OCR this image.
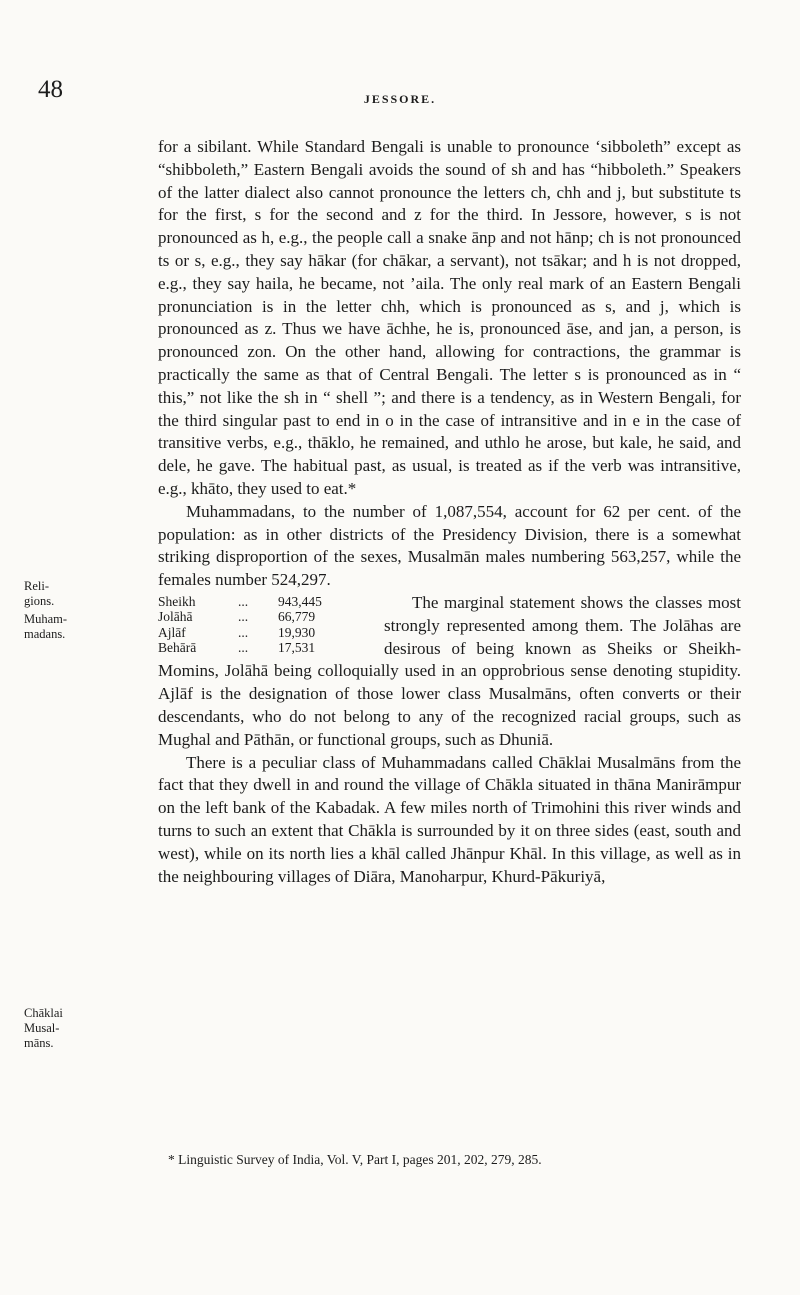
48	JESSORE.
Reli-
gions.
Muham-
madans.
Chāklai
Musal-
māns.

for a sibilant. While Standard Bengali is unable to pronounce ‘sibboleth” except as “shibboleth,” Eastern Bengali avoids the sound of sh and has “hibboleth.” Speakers of the latter dialect also cannot pronounce the letters ch, chh and j, but substitute ts for the first, s for the second and z for the third. In Jessore, however, s is not pronounced as h, e.g., the people call a snake ānp and not hānp; ch is not pronounced ts or s, e.g., they say hākar (for chākar, a servant), not tsākar; and h is not dropped, e.g., they say haila, he became, not ’aila. The only real mark of an Eastern Bengali pronunciation is in the letter chh, which is pronounced as s, and j, which is pronounced as z. Thus we have āchhe, he is, pronounced āse, and jan, a person, is pronounced zon. On the other hand, allowing for contractions, the grammar is practically the same as that of Central Bengali. The letter s is pronounced as in “ this,” not like the sh in “ shell ”; and there is a tendency, as in Western Bengali, for the third singular past to end in o in the case of intransitive and in e in the case of transitive verbs, e.g., thāklo, he remained, and uthlo he arose, but kale, he said, and dele, he gave. The habitual past, as usual, is treated as if the verb was intransitive, e.g., khāto, they used to eat.*

Muhammadans, to the number of 1,087,554, account for 62 per cent. of the population: as in other districts of the Presidency Division, there is a somewhat striking disproportion of the sexes, Musalmān males numbering 563,257, while the females number 524,297.

Sheikh	...	943,445
Jolāhā	...	66,779
Ajlāf	...	19,930
Behārā	...	17,531

The marginal statement shows the classes most strongly represented among them. The Jolāhas are desirous of being known as Sheiks or Sheikh-Momins, Jolāhā being colloquially used in an opprobrious sense denoting stupidity. Ajlāf is the designation of those lower class Musalmāns, often converts or their descendants, who do not belong to any of the recognized racial groups, such as Mughal and Pāthān, or functional groups, such as Dhuniā.

There is a peculiar class of Muhammadans called Chāklai Musalmāns from the fact that they dwell in and round the village of Chākla situated in thāna Manirāmpur on the left bank of the Kabadak. A few miles north of Trimohini this river winds and turns to such an extent that Chākla is surrounded by it on three sides (east, south and west), while on its north lies a khāl called Jhānpur Khāl. In this village, as well as in the neighbouring villages of Diāra, Manoharpur, Khurd-Pākuriyā,

* Linguistic Survey of India, Vol. V, Part I, pages 201, 202, 279, 285.
